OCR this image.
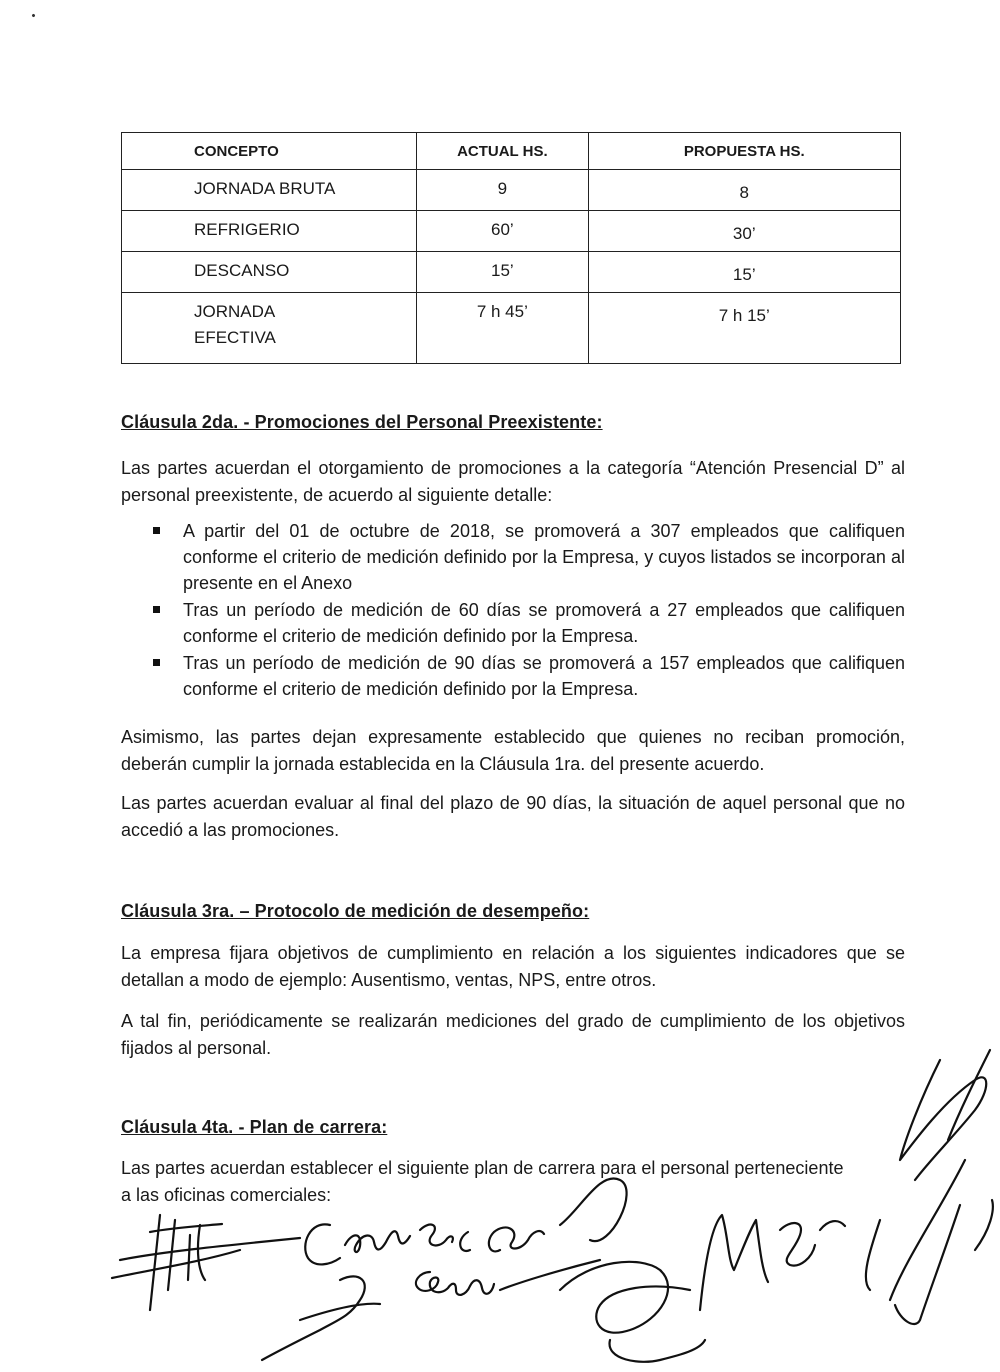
CONCEPTO	ACTUAL HS.	PROPUESTA HS.

JORNADA BRUTA	9	8

REFRIGERIO	60’	30’

DESCANSO	15’	15’

JORNADA
EFECTIVA	7 h 45’	7 h 15’
Cláusula 2da. - Promociones del Personal Preexistente:

Las partes acuerdan el otorgamiento de promociones a la categoría “Atención Presencial D” al personal preexistente, de acuerdo al siguiente detalle:

A partir del 01 de octubre de 2018, se promoverá a 307 empleados que califiquen conforme el criterio de medición definido por la Empresa, y cuyos listados se incorporan al presente en el Anexo
Tras un período de medición de 60 días se promoverá a 27 empleados que califiquen conforme el criterio de medición definido por la Empresa.
Tras un período de medición de 90 días se promoverá a 157 empleados que califiquen conforme el criterio de medición definido por la Empresa.

Asimismo, las partes dejan expresamente establecido que quienes no reciban promoción, deberán cumplir la jornada establecida en la Cláusula 1ra. del presente acuerdo.

Las partes acuerdan evaluar al final del plazo de 90 días, la situación de aquel personal que no accedió a las promociones.

Cláusula 3ra. – Protocolo de medición de desempeño:

La empresa fijara objetivos de cumplimiento en relación a los siguientes indicadores que se detallan a modo de ejemplo: Ausentismo, ventas, NPS, entre otros.

A tal fin, periódicamente se realizarán mediciones del grado de cumplimiento de los objetivos fijados al personal.

Cláusula 4ta. - Plan de carrera:
Las partes acuerdan establecer el siguiente plan de carrera para el personal perteneciente
a las oficinas comerciales:
